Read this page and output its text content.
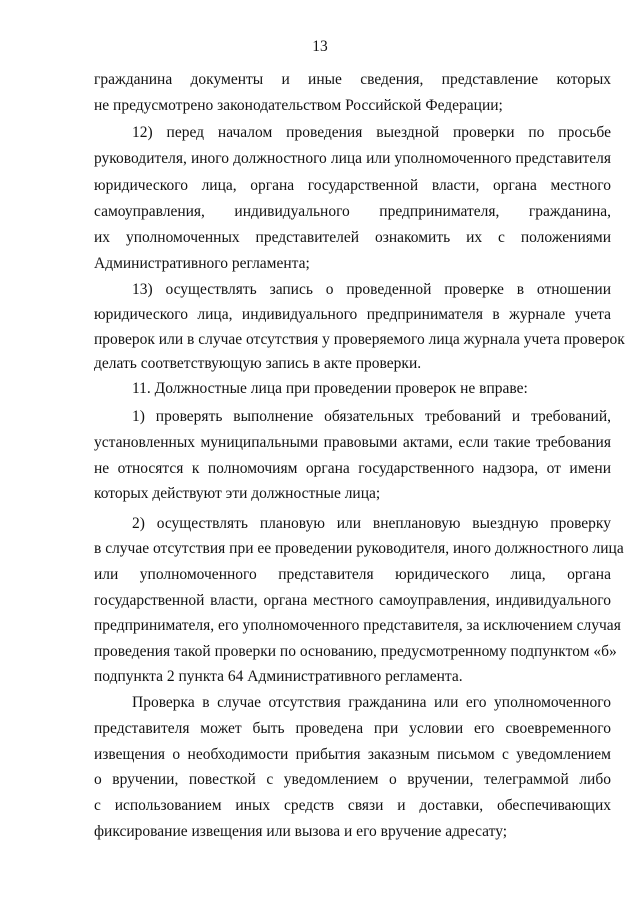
13
гражданина документы и иные сведения, представление которых
не предусмотрено законодательством Российской Федерации;
12) перед началом проведения выездной проверки по просьбе
руководителя, иного должностного лица или уполномоченного представителя
юридического лица, органа государственной власти, органа местного
самоуправления, индивидуального предпринимателя, гражданина,
их уполномоченных представителей ознакомить их с положениями
Административного регламента;
13) осуществлять запись о проведенной проверке в отношении
юридического лица, индивидуального предпринимателя в журнале учета
проверок или в случае отсутствия у проверяемого лица журнала учета проверок
делать соответствующую запись в акте проверки.
11. Должностные лица при проведении проверок не вправе:
1) проверять выполнение обязательных требований и требований,
установленных муниципальными правовыми актами, если такие требования
не относятся к полномочиям органа государственного надзора, от имени
которых действуют эти должностные лица;
2) осуществлять плановую или внеплановую выездную проверку
в случае отсутствия при ее проведении руководителя, иного должностного лица
или уполномоченного представителя юридического лица, органа
государственной власти, органа местного самоуправления, индивидуального
предпринимателя, его уполномоченного представителя, за исключением случая
проведения такой проверки по основанию, предусмотренному подпунктом «б»
подпункта 2 пункта 64 Административного регламента.
Проверка в случае отсутствия гражданина или его уполномоченного
представителя может быть проведена при условии его своевременного
извещения о необходимости прибытия заказным письмом с уведомлением
о вручении, повесткой с уведомлением о вручении, телеграммой либо
с использованием иных средств связи и доставки, обеспечивающих
фиксирование извещения или вызова и его вручение адресату;
